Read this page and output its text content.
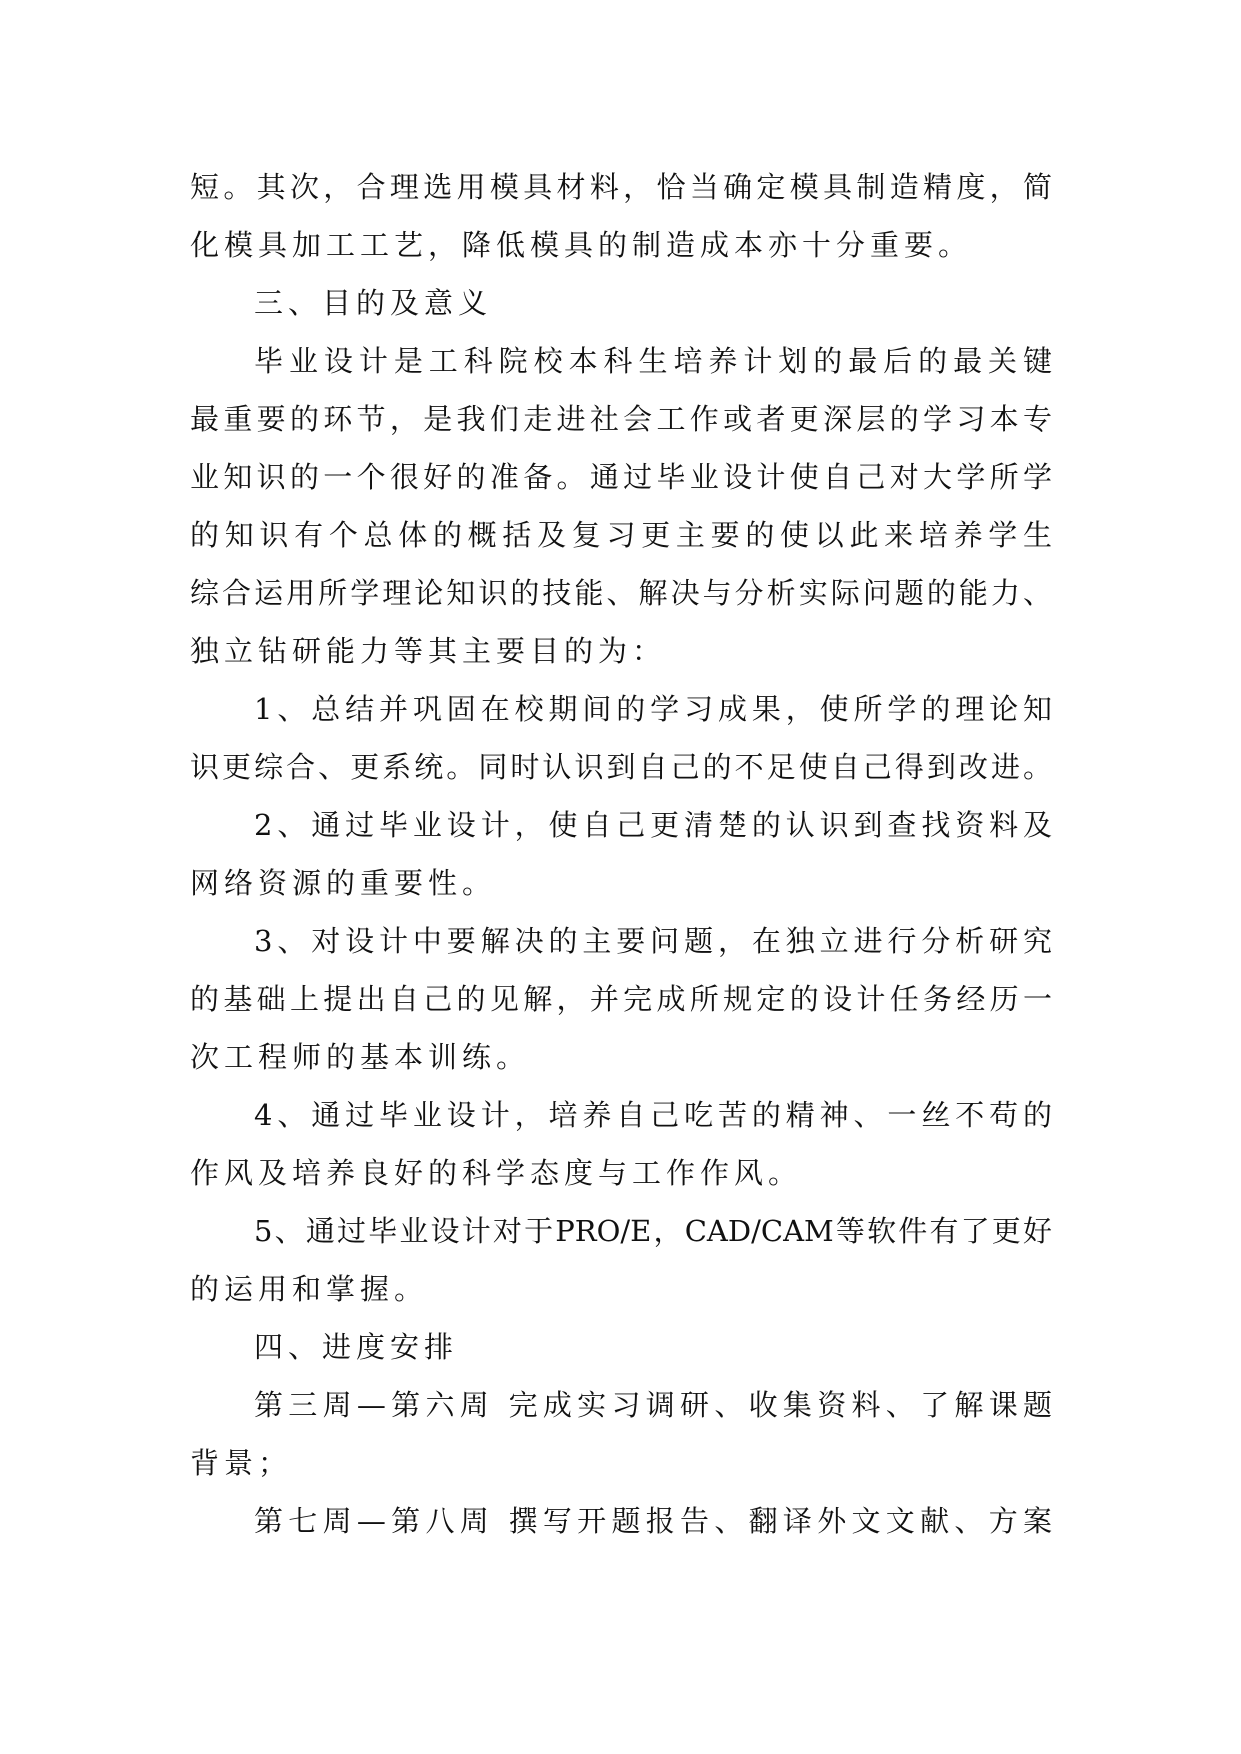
短。其次，合理选用模具材料，恰当确定模具制造精度，简
化模具加工工艺，降低模具的制造成本亦十分重要。
三、目的及意义
毕业设计是工科院校本科生培养计划的最后的最关键
最重要的环节，是我们走进社会工作或者更深层的学习本专
业知识的一个很好的准备。通过毕业设计使自己对大学所学
的知识有个总体的概括及复习更主要的使以此来培养学生
综合运用所学理论知识的技能、解决与分析实际问题的能力、
独立钻研能力等其主要目的为：
1、总结并巩固在校期间的学习成果，使所学的理论知
识更综合、更系统。同时认识到自己的不足使自己得到改进。
2、通过毕业设计，使自己更清楚的认识到查找资料及
网络资源的重要性。
3、对设计中要解决的主要问题，在独立进行分析研究
的基础上提出自己的见解，并完成所规定的设计任务经历一
次工程师的基本训练。
4、通过毕业设计，培养自己吃苦的精神、一丝不苟的
作风及培养良好的科学态度与工作作风。
5、通过毕业设计对于PRO/E，CAD/CAM等软件有了更好
的运用和掌握。
四、进度安排
第三周—第六周 完成实习调研、收集资料、了解课题
背景；
第七周—第八周 撰写开题报告、翻译外文文献、方案
